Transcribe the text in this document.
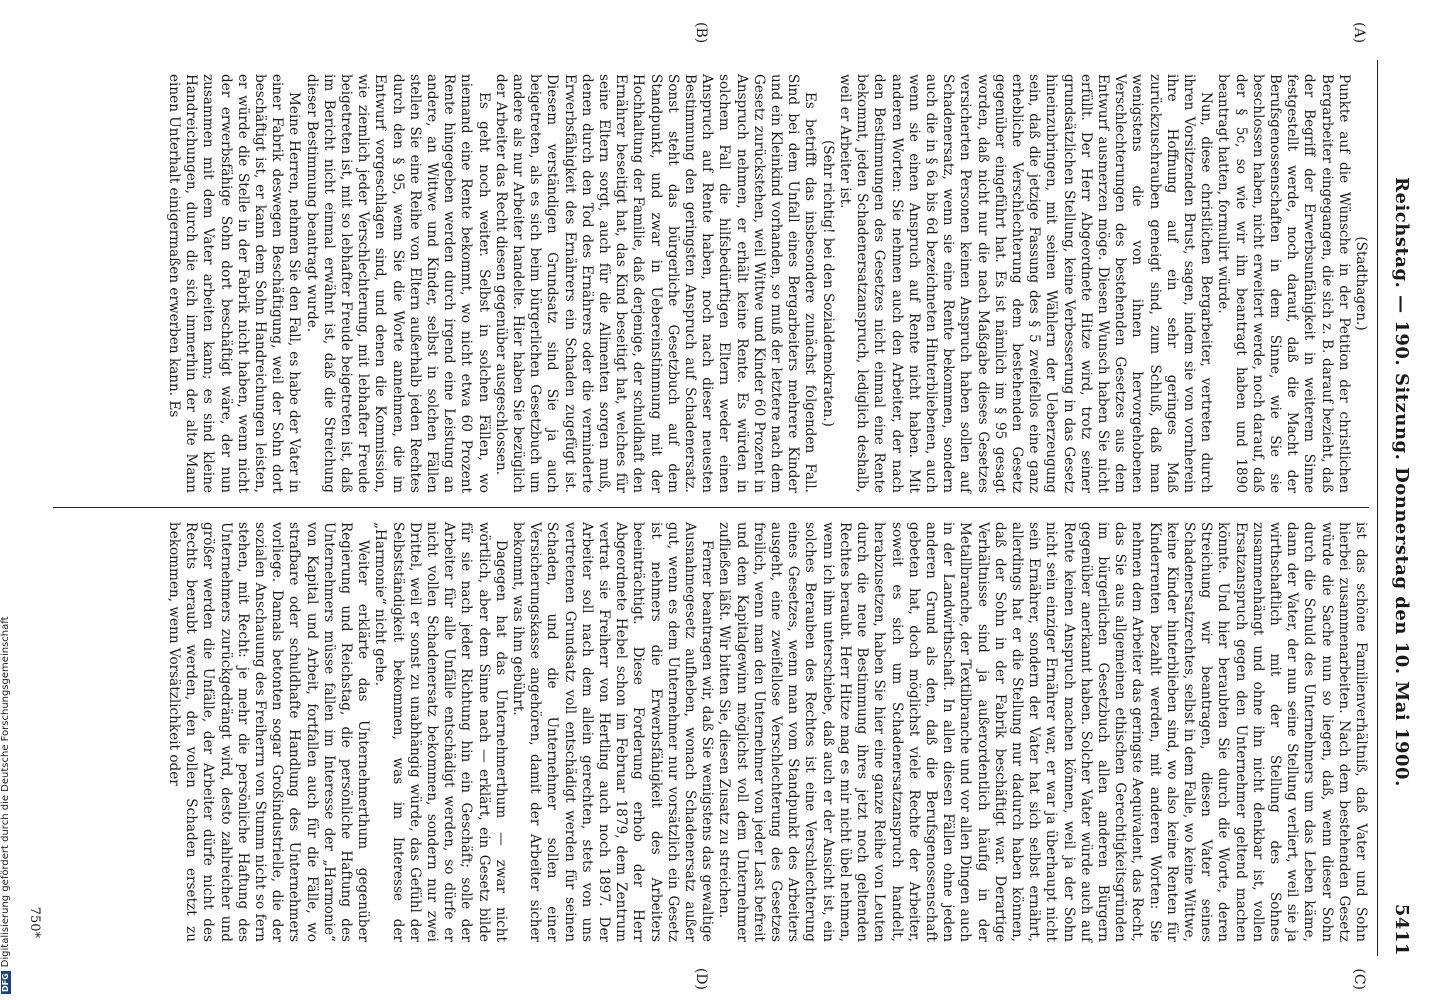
Reichstag. — 190. Sitzung. Donnerstag den 10. Mai 1900.
5411
(A)
(B)
(C)
(D)

(Stadthagen.)

Punkte auf die Wünsche in der Petition der christlichen Bergarbeiter eingegangen, die sich z. B. darauf bezieht, daß der Begriff der Erwerbsunfähigkeit in weiterem Sinne festgestellt werde, noch darauf, daß die Macht der Berufsgenossenschaften in dem Sinne, wie Sie sie beschlossen haben, nicht erweitert werde, noch darauf, daß der § 5c, so wie wir ihn beantragt haben und 1890 beantragt hatten, formulirt würde.

Nun, diese christlichen Bergarbeiter, vertreten durch ihren Vorsitzenden Brust, sagen, indem sie von vornherein ihre Hoffnung auf ein sehr geringes Maß zurückzuschrauben geneigt sind, zum Schluß, daß man wenigstens die von ihnen hervorgehobenen Verschlechterungen des bestehenden Gesetzes aus dem Entwurf ausmerzen möge. Diesen Wunsch haben Sie nicht erfüllt. Der Herr Abgeordnete Hitze wird, trotz seiner grundsätzlichen Stellung, keine Verbesserung in das Gesetz hineinzubringen, mit seinen Wählern der Ueberzeugung sein, daß die jetzige Fassung des § 5 zweifellos eine ganz erhebliche Verschlechterung dem bestehenden Gesetz gegenüber eingeführt hat. Es ist nämlich im § 95 gesagt worden, daß nicht nur die nach Maßgabe dieses Gesetzes versicherten Personen keinen Anspruch haben sollen auf Schadenersatz, wenn sie eine Rente bekommen, sondern auch die in § 6a bis 6d bezeichneten Hinterbliebenen, auch wenn sie einen Anspruch auf Rente nicht haben. Mit anderen Worten: Sie nehmen auch den Arbeiter, der nach den Bestimmungen des Gesetzes nicht einmal eine Rente bekommt, jeden Schadenersatzanspruch, lediglich deshalb, weil er Arbeiter ist.

(Sehr richtig! bei den Sozialdemokraten.)

Es betrifft das insbesondere zunächst folgenden Fall. Sind bei dem Unfall eines Bergarbeiters mehrere Kinder und ein Kleinkind vorhanden, so muß der letztere nach dem Gesetz zurückstehen, weil Wittwe und Kinder 60 Prozent in Anspruch nehmen, er erhält keine Rente. Es würden in solchem Fall die hilfsbedürftigen Eltern weder einen Anspruch auf Rente haben, noch nach dieser neuesten Bestimmung den geringsten Anspruch auf Schadenersatz. Sonst steht das bürgerliche Gesetzbuch auf dem Standpunkt, und zwar in Uebereinstimmung mit der Hochhaltung der Familie, daß derjenige, der schuldhaft den Ernährer beseitigt hat, das Kind beseitigt hat, welches für seine Eltern sorgt, auch für die Alimenten sorgen muß, denen durch den Tod des Ernährers oder die verminderte Erwerbsfähigkeit des Ernährers ein Schaden zugefügt ist. Diesem verständigen Grundsatz sind Sie ja auch beigetreten, als es sich beim bürgerlichen Gesetzbuch um andere als nur Arbeiter handelte. Hier haben Sie bezüglich der Arbeiter das Recht diesen gegenüber ausgeschlossen.

Es geht noch weiter. Selbst in solchen Fällen, wo niemand eine Rente bekommt, wo nicht etwa 60 Prozent Rente hingegeben werden durch irgend eine Leistung an andere, an Wittwe und Kinder, selbst in solchen Fällen stellen Sie eine Reihe von Eltern außerhalb jeden Rechtes durch den § 95, wenn Sie die Worte annehmen, die im Entwurf vorgeschlagen sind, und denen die Kommission, wie ziemlich jeder Verschlechterung, mit lebhafter Freude beigetreten ist, mit so lebhafter Freude beigetreten ist, daß im Bericht nicht einmal erwähnt ist, daß die Streichung dieser Bestimmung beantragt wurde.

Meine Herren, nehmen Sie den Fall, es habe der Vater in einer Fabrik deswegen Beschäftigung, weil der Sohn dort beschäftigt ist, er kann dem Sohn Handreichungen leisten, er würde die Stelle in der Fabrik nicht haben, wenn nicht der erwerbsfähige Sohn dort beschäftigt wäre, der nun zusammen mit dem Vater arbeiten kann; es sind kleine Handreichungen, durch die sich immerhin der alte Mann einen Unterhalt einigermaßen erwerben kann. Es

ist das schöne Familienverhältniß, daß Vater und Sohn hierbei zusammenarbeiten. Nach dem bestehenden Gesetz würde die Sache nun so liegen, daß, wenn dieser Sohn durch die Schuld des Unternehmers um das Leben käme, dann der Vater, der nun seine Stellung verliert, weil sie ja wirthschaftlich mit der Stellung des Sohnes zusammenhängt und ohne ihn nicht denkbar ist, vollen Ersatzanspruch gegen den Unternehmer geltend machen könnte. Und hier beraubten Sie durch die Worte, deren Streichung wir beantragen, diesen Vater seines Schadenersatzrechtes, selbst in dem Falle, wo keine Wittwe, keine Kinder hinterblieben sind, wo also keine Renten für Kinderrenten bezahlt werden, mit anderen Worten: Sie nehmen dem Arbeiter das geringste Aequivalent, das Recht, das Sie aus allgemeinen ethischen Gerechtigkeitsgründen im bürgerlichen Gesetzbuch allen anderen Bürgern gegenüber anerkannt haben. Solcher Vater würde auch auf Rente keinen Anspruch machen können, weil ja der Sohn nicht sein einziger Ernährer war, er war ja überhaupt nicht sein Ernährer, sondern der Vater hat sich selbst ernährt, allerdings hat er die Stellung nur dadurch haben können, daß der Sohn in der Fabrik beschäftigt war. Derartige Verhältnisse sind ja außerordentlich häufig in der Metallbranche, der Textilbranche und vor allen Dingen auch in der Landwirthschaft. In allen diesen Fällen ohne jeden anderen Grund als den, daß die Berufsgenossenschaft gebeten hat, doch möglichst viele Rechte der Arbeiter, soweit es sich um Schadenersatzanspruch handelt, herabzusetzen, haben Sie hier eine ganze Reihe von Leuten durch die neue Bestimmung ihres jetzt noch geltenden Rechtes beraubt. Herr Hitze mag es mir nicht übel nehmen, wenn ich ihm unterschiebe, daß auch er der Ansicht ist, ein solches Berauben des Rechtes ist eine Verschlechterung eines Gesetzes, wenn man vom Standpunkt des Arbeiters ausgeht, eine zweifellose Verschlechterung des Gesetzes freilich, wenn man den Unternehmer von jeder Last befreit und dem Kapitalgewinn möglichst voll dem Unternehmer zufließen läßt. Wir bitten Sie, diesen Zusatz zu streichen.

Ferner beantragen wir, daß Sie wenigstens das gewaltige Ausnahmegesetz aufheben, wonach Schadenersatz außer gut, wenn es dem Unternehmer nur vorsätzlich ein Gesetz ist nehmers die Erwerbsfähigkeit des Arbeiters beeinträchtigt. Diese Forderung erhob der Herr Abgeordnete Hebel schon im Februar 1879, dem Zentrum vertrat sie Freiherr von Hertling auch noch 1897. Der Arbeiter soll nach dem allein gerechten, stets von uns vertretenen Grundsatz voll entschädigt werden für seinen Schaden, und die Unternehmer sollen einer Versicherungskasse angehören, damit der Arbeiter sicher bekommt, was ihm gebührt.

Dagegen hat das Unternehmerthum — zwar nicht wörtlich, aber dem Sinne nach — erklärt, ein Gesetz bilde für sie nach jeder Richtung hin ein Geschäft; solle der Arbeiter für alle Unfälle entschädigt werden, so dürfe er nicht vollen Schadenersatz bekommen, sondern nur zwei Drittel, weil er sonst zu unabhängig würde, das Gefühl der Selbstständigkeit bekommen, was im Interesse der „Harmonie“ nicht gehe.

Weiter erklärte das Unternehmerthum gegenüber Regierung und Reichstag, die persönliche Haftung des Unternehmers müsse fallen im Interesse der „Harmonie“ von Kapital und Arbeit, fortfallen auch für die Fälle, wo strafbare oder schuldhafte Handlung des Unternehmers vorliege. Damals betonten sogar Großindustrielle, die der sozialen Anschauung des Freiherrn von Stumm nicht so fern stehen, mit Recht: je mehr die persönliche Haftung des Unternehmers zurückgedrängt wird, desto zahlreicher und größer werden die Unfälle, der Arbeiter dürfe nicht des Rechts beraubt werden, den vollen Schaden ersetzt zu bekommen, wenn Vorsätzlichkeit oder

750*
DFG
Digitalisierung gefördert durch die Deutsche Forschungsgemeinschaft
